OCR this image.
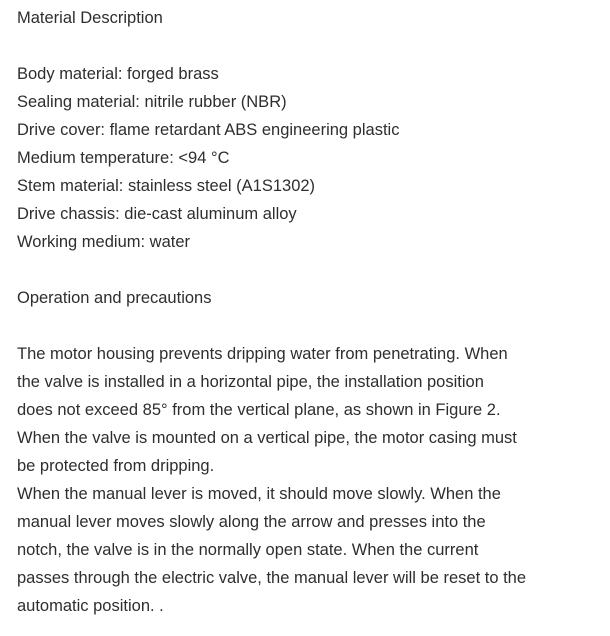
Material Description
Body material: forged brass
Sealing material: nitrile rubber (NBR)
Drive cover: flame retardant ABS engineering plastic
Medium temperature: <94 °C
Stem material: stainless steel (A1S1302)
Drive chassis: die-cast aluminum alloy
Working medium: water
Operation and precautions
The motor housing prevents dripping water from penetrating. When
the valve is installed in a horizontal pipe, the installation position
does not exceed 85° from the vertical plane, as shown in Figure 2.
When the valve is mounted on a vertical pipe, the motor casing must
be protected from dripping.
When the manual lever is moved, it should move slowly. When the
manual lever moves slowly along the arrow and presses into the
notch, the valve is in the normally open state. When the current
passes through the electric valve, the manual lever will be reset to the
automatic position. .
